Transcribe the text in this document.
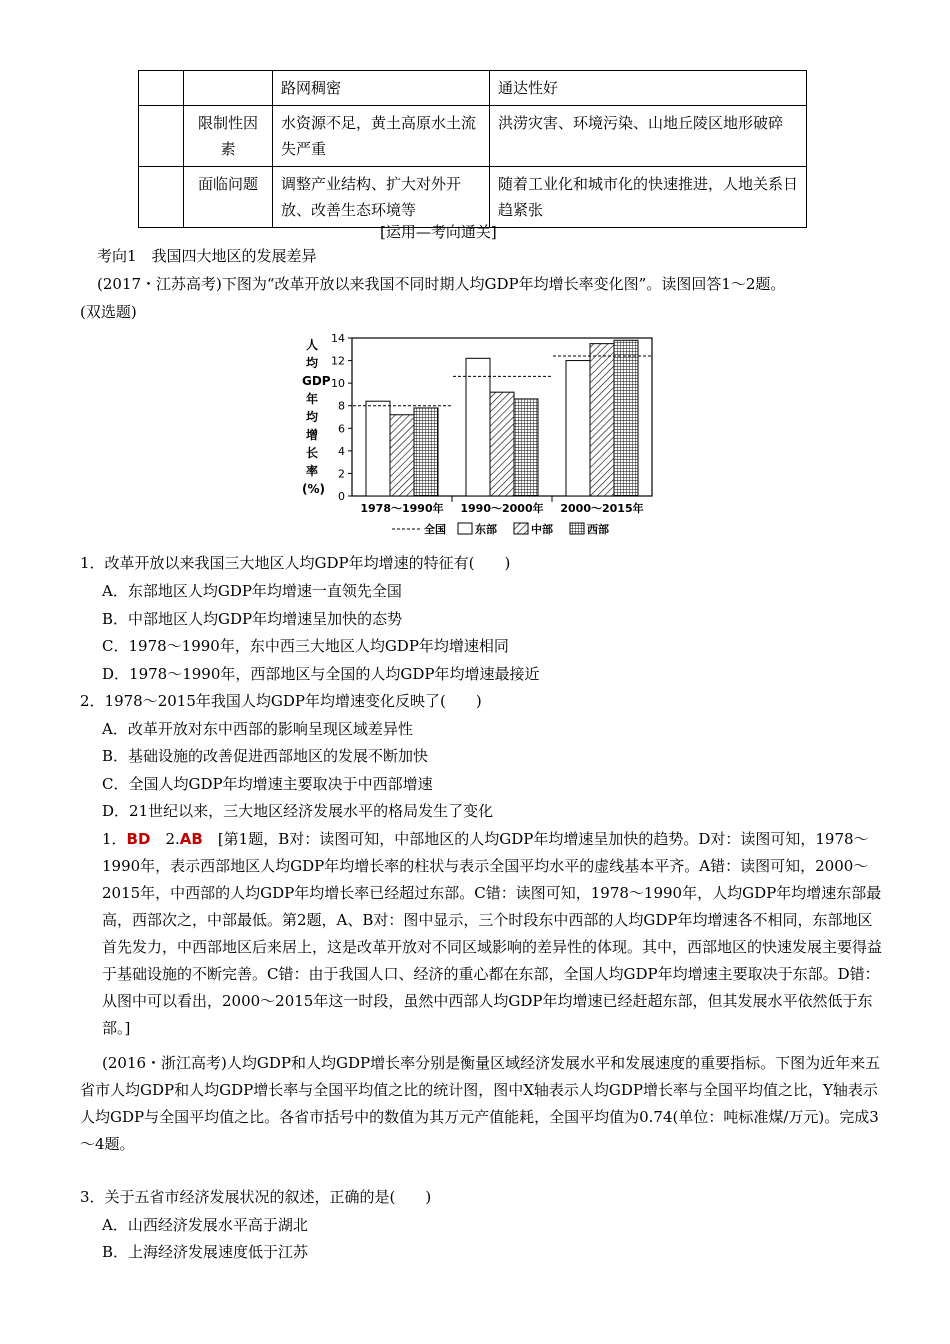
		路网稠密	通达性好
	限制性因素	水资源不足，黄土高原水土流失严重	洪涝灾害、环境污染、山地丘陵区地形破碎
	面临问题	调整产业结构、扩大对外开放、改善生态环境等	随着工业化和城市化的快速推进，人地关系日趋紧张
[运用—考向通关]
考向1　我国四大地区的发展差异
(2017・江苏高考)下图为“改革开放以来我国不同时期人均GDP年均增长率变化图”。读图回答1～2题。
(双选题)
人均GDP年均增长率(%)
0
2
4
6
8
10
12
14
1978～1990年 1990～2000年 2000～2015年
全国	东部	中部	西部
1．改革开放以来我国三大地区人均GDP年均增速的特征有(　　)
A．东部地区人均GDP年均增速一直领先全国
B．中部地区人均GDP年均增速呈加快的态势
C．1978～1990年，东中西三大地区人均GDP年均增速相同
D．1978～1990年，西部地区与全国的人均GDP年均增速最接近
2．1978～2015年我国人均GDP年均增速变化反映了(　　)
A．改革开放对东中西部的影响呈现区域差异性
B．基础设施的改善促进西部地区的发展不断加快
C．全国人均GDP年均增速主要取决于中西部增速
D．21世纪以来，三大地区经济发展水平的格局发生了变化
1．BD　 2.AB　 [第1题，B对：读图可知，中部地区的人均GDP年均增速呈加快的趋势。D对：读图可知，1978～1990年，表示西部地区人均GDP年均增长率的柱状与表示全国平均水平的虚线基本平齐。A错：读图可知，2000～2015年，中西部的人均GDP年均增长率已经超过东部。C错：读图可知，1978～1990年，人均GDP年均增速东部最高，西部次之，中部最低。第2题，A、B对：图中显示，三个时段东中西部的人均GDP年均增速各不相同，东部地区首先发力，中西部地区后来居上，这是改革开放对不同区域影响的差异性的体现。其中，西部地区的快速发展主要得益于基础设施的不断完善。C错：由于我国人口、经济的重心都在东部，全国人均GDP年均增速主要取决于东部。D错：从图中可以看出，2000～2015年这一时段，虽然中西部人均GDP年均增速已经赶超东部，但其发展水平依然低于东部。]
(2016・浙江高考)人均GDP和人均GDP增长率分别是衡量区域经济发展水平和发展速度的重要指标。下图为近年来五省市人均GDP和人均GDP增长率与全国平均值之比的统计图，图中X轴表示人均GDP增长率与全国平均值之比，Y轴表示人均GDP与全国平均值之比。各省市括号中的数值为其万元产值能耗，全国平均值为0.74(单位：吨标准煤/万元)。完成3～4题。
3．关于五省市经济发展状况的叙述，正确的是(　　)
A．山西经济发展水平高于湖北
B．上海经济发展速度低于江苏
